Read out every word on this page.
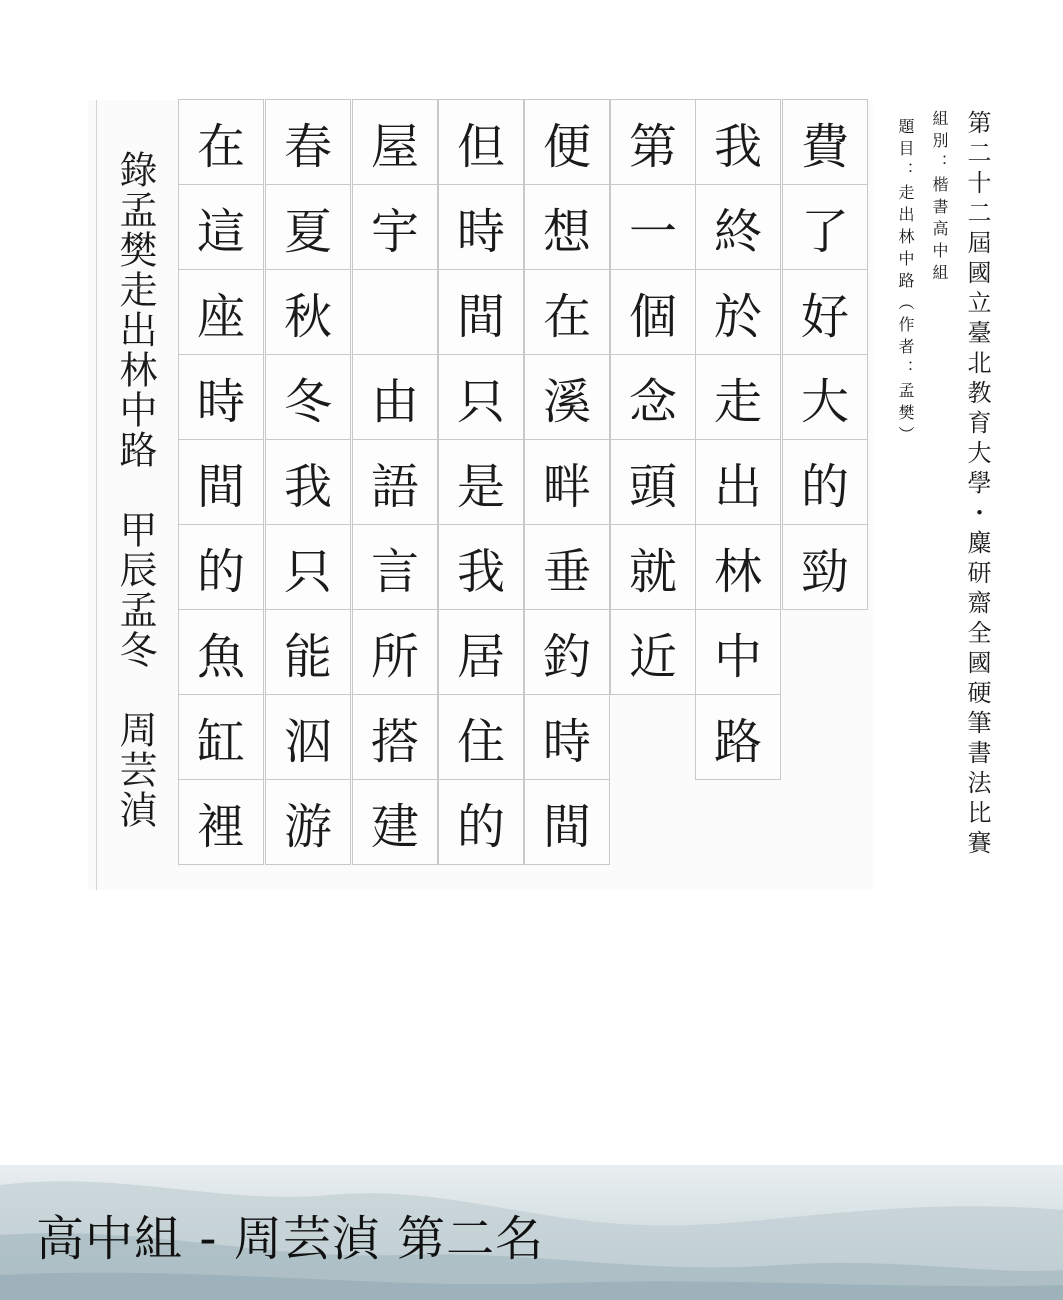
費
了
好
大
的
勁
我
終
於
走
出
林
中
路
第
一
個
念
頭
就
近
便
想
在
溪
畔
垂
釣
時
間
但
時
間
只
是
我
居
住
的
屋
宇
由
語
言
所
搭
建
春
夏
秋
冬
我
只
能
泅
游
在
這
座
時
間
的
魚
缸
裡
錄孟樊走出林中路　甲辰孟冬　周芸湞	第二十二屆國立臺北教育大學・麋研齋全國硬筆書法比賽
組別：楷書高中組
題目：走出林中路（作者：孟樊）
高中組 - 周芸湞 第二名
